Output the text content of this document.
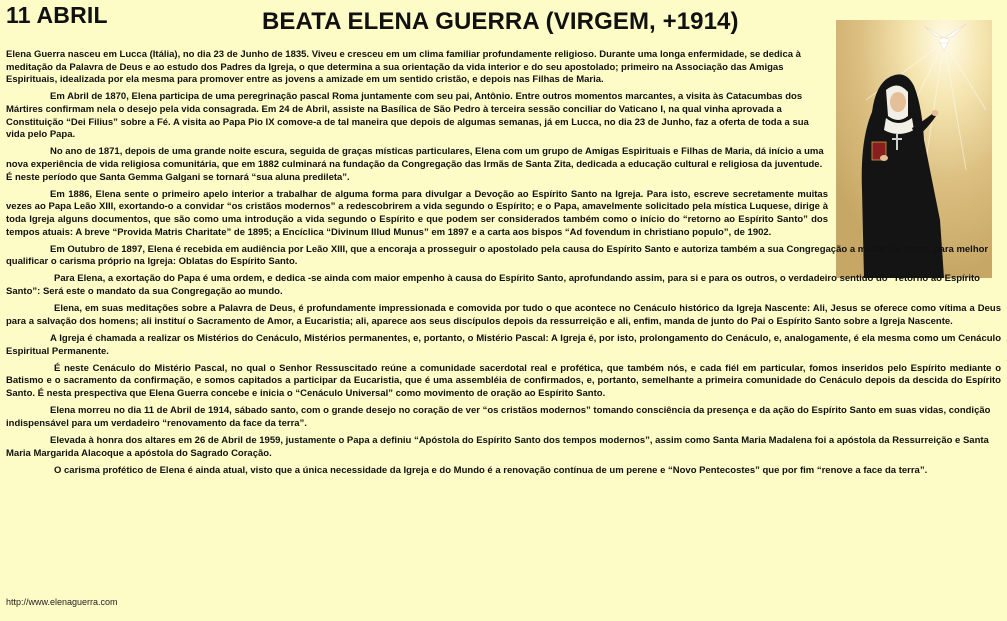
11 ABRIL	BEATA ELENA GUERRA (VIRGEM, +1914)

Elena Guerra nasceu em Lucca (Itália), no dia 23 de Junho de 1835. Viveu e cresceu em um clima familiar profundamente religioso. Durante uma longa enfermidade, se dedica à meditação da Palavra de Deus e ao estudo dos Padres da Igreja, o que determina a sua orientação da vida interior e do seu apostolado; primeiro na Associação das Amigas Espirituais, idealizada por ela mesma para promover entre as jovens a amizade em um sentido cristão, e depois nas Filhas de Maria.

Em Abril de 1870, Elena participa de uma peregrinação pascal Roma juntamente com seu pai, Antônio. Entre outros momentos marcantes, a visita às Catacumbas dos Mártires confirmam nela o desejo pela vida consagrada. Em 24 de Abril, assiste na Basílica de São Pedro à terceira sessão conciliar do Vaticano I, na qual vinha aprovada a Constituição “Dei Filius” sobre a Fé. A visita ao Papa Pio IX comove-a de tal maneira que depois de algumas semanas, já em Lucca, no dia 23 de Junho, faz a oferta de toda a sua vida pelo Papa.

No ano de 1871, depois de uma grande noite escura, seguida de graças místicas particulares, Elena com um grupo de Amigas Espirituais e Filhas de Maria, dá início a uma nova experiência de vida religiosa comunitária, que em 1882 culminará na fundação da Congregação das Irmãs de Santa Zita, dedicada a educação cultural e religiosa da juventude. É neste período que Santa Gemma Galgani se tornará “sua aluna predileta”.

Em 1886, Elena sente o primeiro apelo interior a trabalhar de alguma forma para divulgar a Devoção ao Espírito Santo na Igreja. Para isto, escreve secretamente muitas vezes ao Papa Leão XIII, exortando-o a convidar “os cristãos modernos” a redescobrirem a vida segundo o Espírito; e o Papa, amavelmente solicitado pela mística Luquese, dirige à toda Igreja alguns documentos, que são como uma introdução a vida segundo o Espírito e que podem ser considerados também como o início do “retorno ao Espírito Santo” dos tempos atuais: A breve “Provida Matris Charitate” de 1895; a Encíclica “Divinum Illud Munus” em 1897 e a carta aos bispos “Ad fovendum in christiano populo”, de 1902.

Em Outubro de 1897, Elena é recebida em audiência por Leão XIII, que a encoraja a prosseguir o apostolado pela causa do Espírito Santo e autoriza também a sua Congregação a mudar de nome, para melhor qualificar o carisma próprio na Igreja: Oblatas do Espírito Santo.

Para Elena, a exortação do Papa é uma ordem, e dedica -se ainda com maior empenho à causa do Espírito Santo, aprofundando assim, para si e para os outros, o verdadeiro sentido do “retorno ao Espírito Santo”: Será este o mandato da sua Congregação ao mundo.

Elena, em suas meditações sobre a Palavra de Deus, é profundamente impressionada e comovida por tudo o que acontece no Cenáculo histórico da Igreja Nascente: Ali, Jesus se oferece como vítima a Deus para a salvação dos homens; ali instituí o Sacramento de Amor, a Eucaristia; ali, aparece aos seus discípulos depois da ressurreição e ali, enfim, manda de junto do Pai o Espírito Santo sobre a Igreja Nascente.

A Igreja é chamada a realizar os Mistérios do Cenáculo, Mistérios permanentes, e, portanto, o Mistério Pascal: A Igreja é, por isto, prolongamento do Cenáculo, e, analogamente, é ela mesma como um Cenáculo Espiritual Permanente.

É neste Cenáculo do Mistério Pascal, no qual o Senhor Ressuscitado reúne a comunidade sacerdotal real e profética, que também nós, e cada fiél em particular, fomos inseridos pelo Espírito mediante o Batismo e o sacramento da confirmação, e somos capitados a participar da Eucaristia, que é uma assembléia de confirmados, e, portanto, semelhante a primeira comunidade do Cenáculo depois da descida do Espírito Santo. É nesta prespectiva que Elena Guerra concebe e inicia o “Cenáculo Universal” como movimento de oração ao Espírito Santo.

Elena morreu no dia 11 de Abril de 1914, sábado santo, com o grande desejo no coração de ver “os cristãos modernos” tomando consciência da presença e da ação do Espírito Santo em suas vidas, condição indispensável para um verdadeiro “renovamento da face da terra”.

Elevada à honra dos altares em 26 de Abril de 1959, justamente o Papa a definiu “Apóstola do Espírito Santo dos tempos modernos”, assim como Santa Maria Madalena foi a apóstola da Ressurreição e Santa Maria Margarida Alacoque a apóstola do Sagrado Coração.

O carisma profético de Elena é ainda atual, visto que a única necessidade da Igreja e do Mundo é a renovação contínua de um perene e “Novo Pentecostes” que por fim “renove a face da terra”.

http://www.elenaguerra.com
